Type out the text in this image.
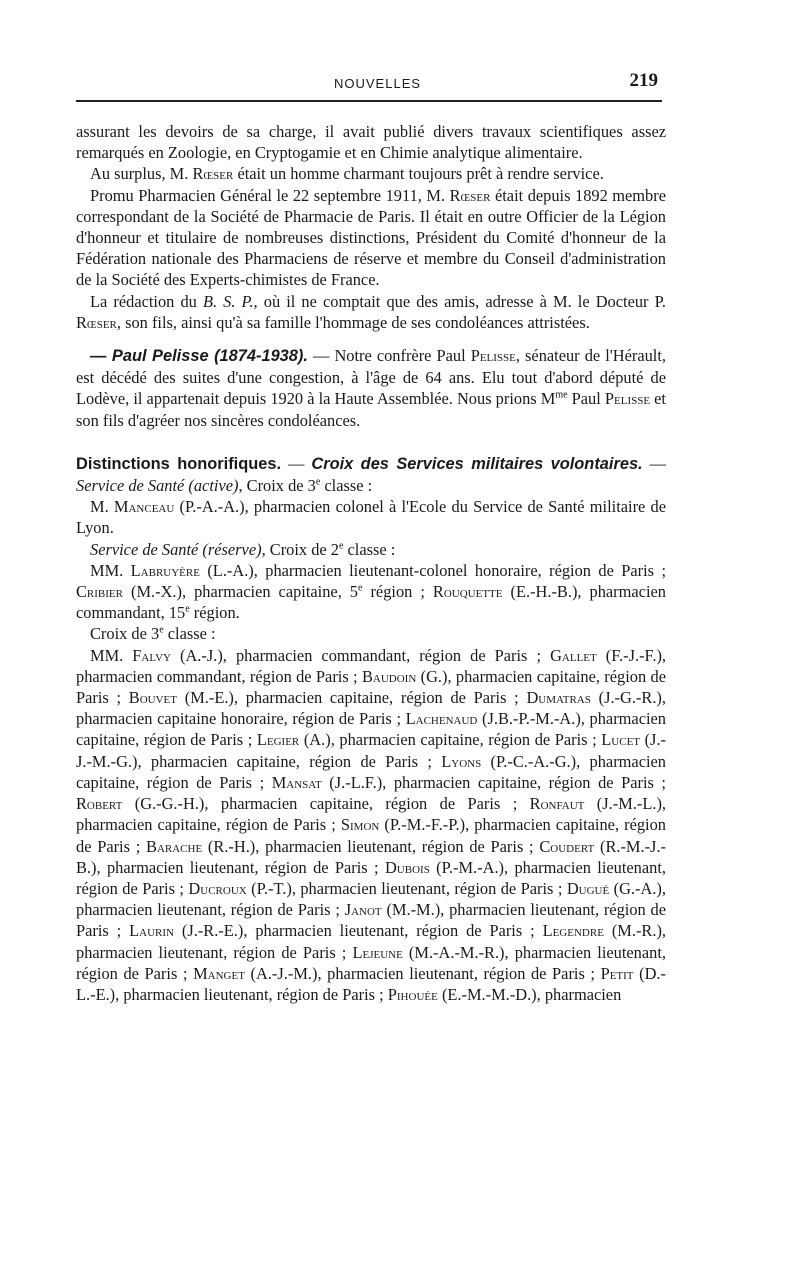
NOUVELLES	219

assurant les devoirs de sa charge, il avait publié divers travaux scientifiques assez remarqués en Zoologie, en Cryptogamie et en Chimie analytique alimentaire.

Au surplus, M. Rœser était un homme charmant toujours prêt à rendre service.

Promu Pharmacien Général le 22 septembre 1911, M. Rœser était depuis 1892 membre correspondant de la Société de Pharmacie de Paris. Il était en outre Officier de la Légion d'honneur et titulaire de nombreuses distinctions, Président du Comité d'honneur de la Fédération nationale des Pharmaciens de réserve et membre du Conseil d'administration de la Société des Experts-chimistes de France.

La rédaction du B. S. P., où il ne comptait que des amis, adresse à M. le Docteur P. Rœser, son fils, ainsi qu'à sa famille l'hommage de ses condoléances attristées.

— Paul Pelisse (1874-1938). — Notre confrère Paul Pelisse, sénateur de l'Hérault, est décédé des suites d'une congestion, à l'âge de 64 ans. Elu tout d'abord député de Lodève, il appartenait depuis 1920 à la Haute Assemblée. Nous prions $M^{me}$ Paul Pelisse et son fils d'agréer nos sincères condoléances.

Distinctions honorifiques. — Croix des Services militaires volontaires. — Service de Santé (active), Croix de 3e classe :

M. Manceau (P.-A.-A.), pharmacien colonel à l'Ecole du Service de Santé militaire de Lyon.

Service de Santé (réserve), Croix de 2e classe :

MM. Labruyère (L.-A.), pharmacien lieutenant-colonel honoraire, région de Paris ; Cribier (M.-X.), pharmacien capitaine, 5e région ; Rouquette (E.-H.-B.), pharmacien commandant, 15e région.

Croix de 3e classe :

MM. Falvy (A.-J.), pharmacien commandant, région de Paris ; Gallet (F.-J.-F.), pharmacien commandant, région de Paris ; Baudoin (G.), pharmacien capitaine, région de Paris ; Bouvet (M.-E.), pharmacien capitaine, région de Paris ; Dumatras (J.-G.-R.), pharmacien capitaine honoraire, région de Paris ; Lachenaud (J.B.-P.-M.-A.), pharmacien capitaine, région de Paris ; Legier (A.), pharmacien capitaine, région de Paris ; Lucet (J.-J.-M.-G.), pharmacien capitaine, région de Paris ; Lyons (P.-C.-A.-G.), pharmacien capitaine, région de Paris ; Mansat (J.-L.F.), pharmacien capitaine, région de Paris ; Robert (G.-G.-H.), pharmacien capitaine, région de Paris ; Ronfaut (J.-M.-L.), pharmacien capitaine, région de Paris ; Simon (P.-M.-F.-P.), pharmacien capitaine, région de Paris ; Barache (R.-H.), pharmacien lieutenant, région de Paris ; Coudert (R.-M.-J.-B.), pharmacien lieutenant, région de Paris ; Dubois (P.-M.-A.), pharmacien lieutenant, région de Paris ; Ducroux (P.-T.), pharmacien lieutenant, région de Paris ; Dugué (G.-A.), pharmacien lieutenant, région de Paris ; Janot (M.-M.), pharmacien lieutenant, région de Paris ; Laurin (J.-R.-E.), pharmacien lieutenant, région de Paris ; Legendre (M.-R.), pharmacien lieutenant, région de Paris ; Lejeune (M.-A.-M.-R.), pharmacien lieutenant, région de Paris ; Manget (A.-J.-M.), pharmacien lieutenant, région de Paris ; Petit (D.-L.-E.), pharmacien lieutenant, région de Paris ; Pihouée (E.-M.-M.-D.), pharmacien
